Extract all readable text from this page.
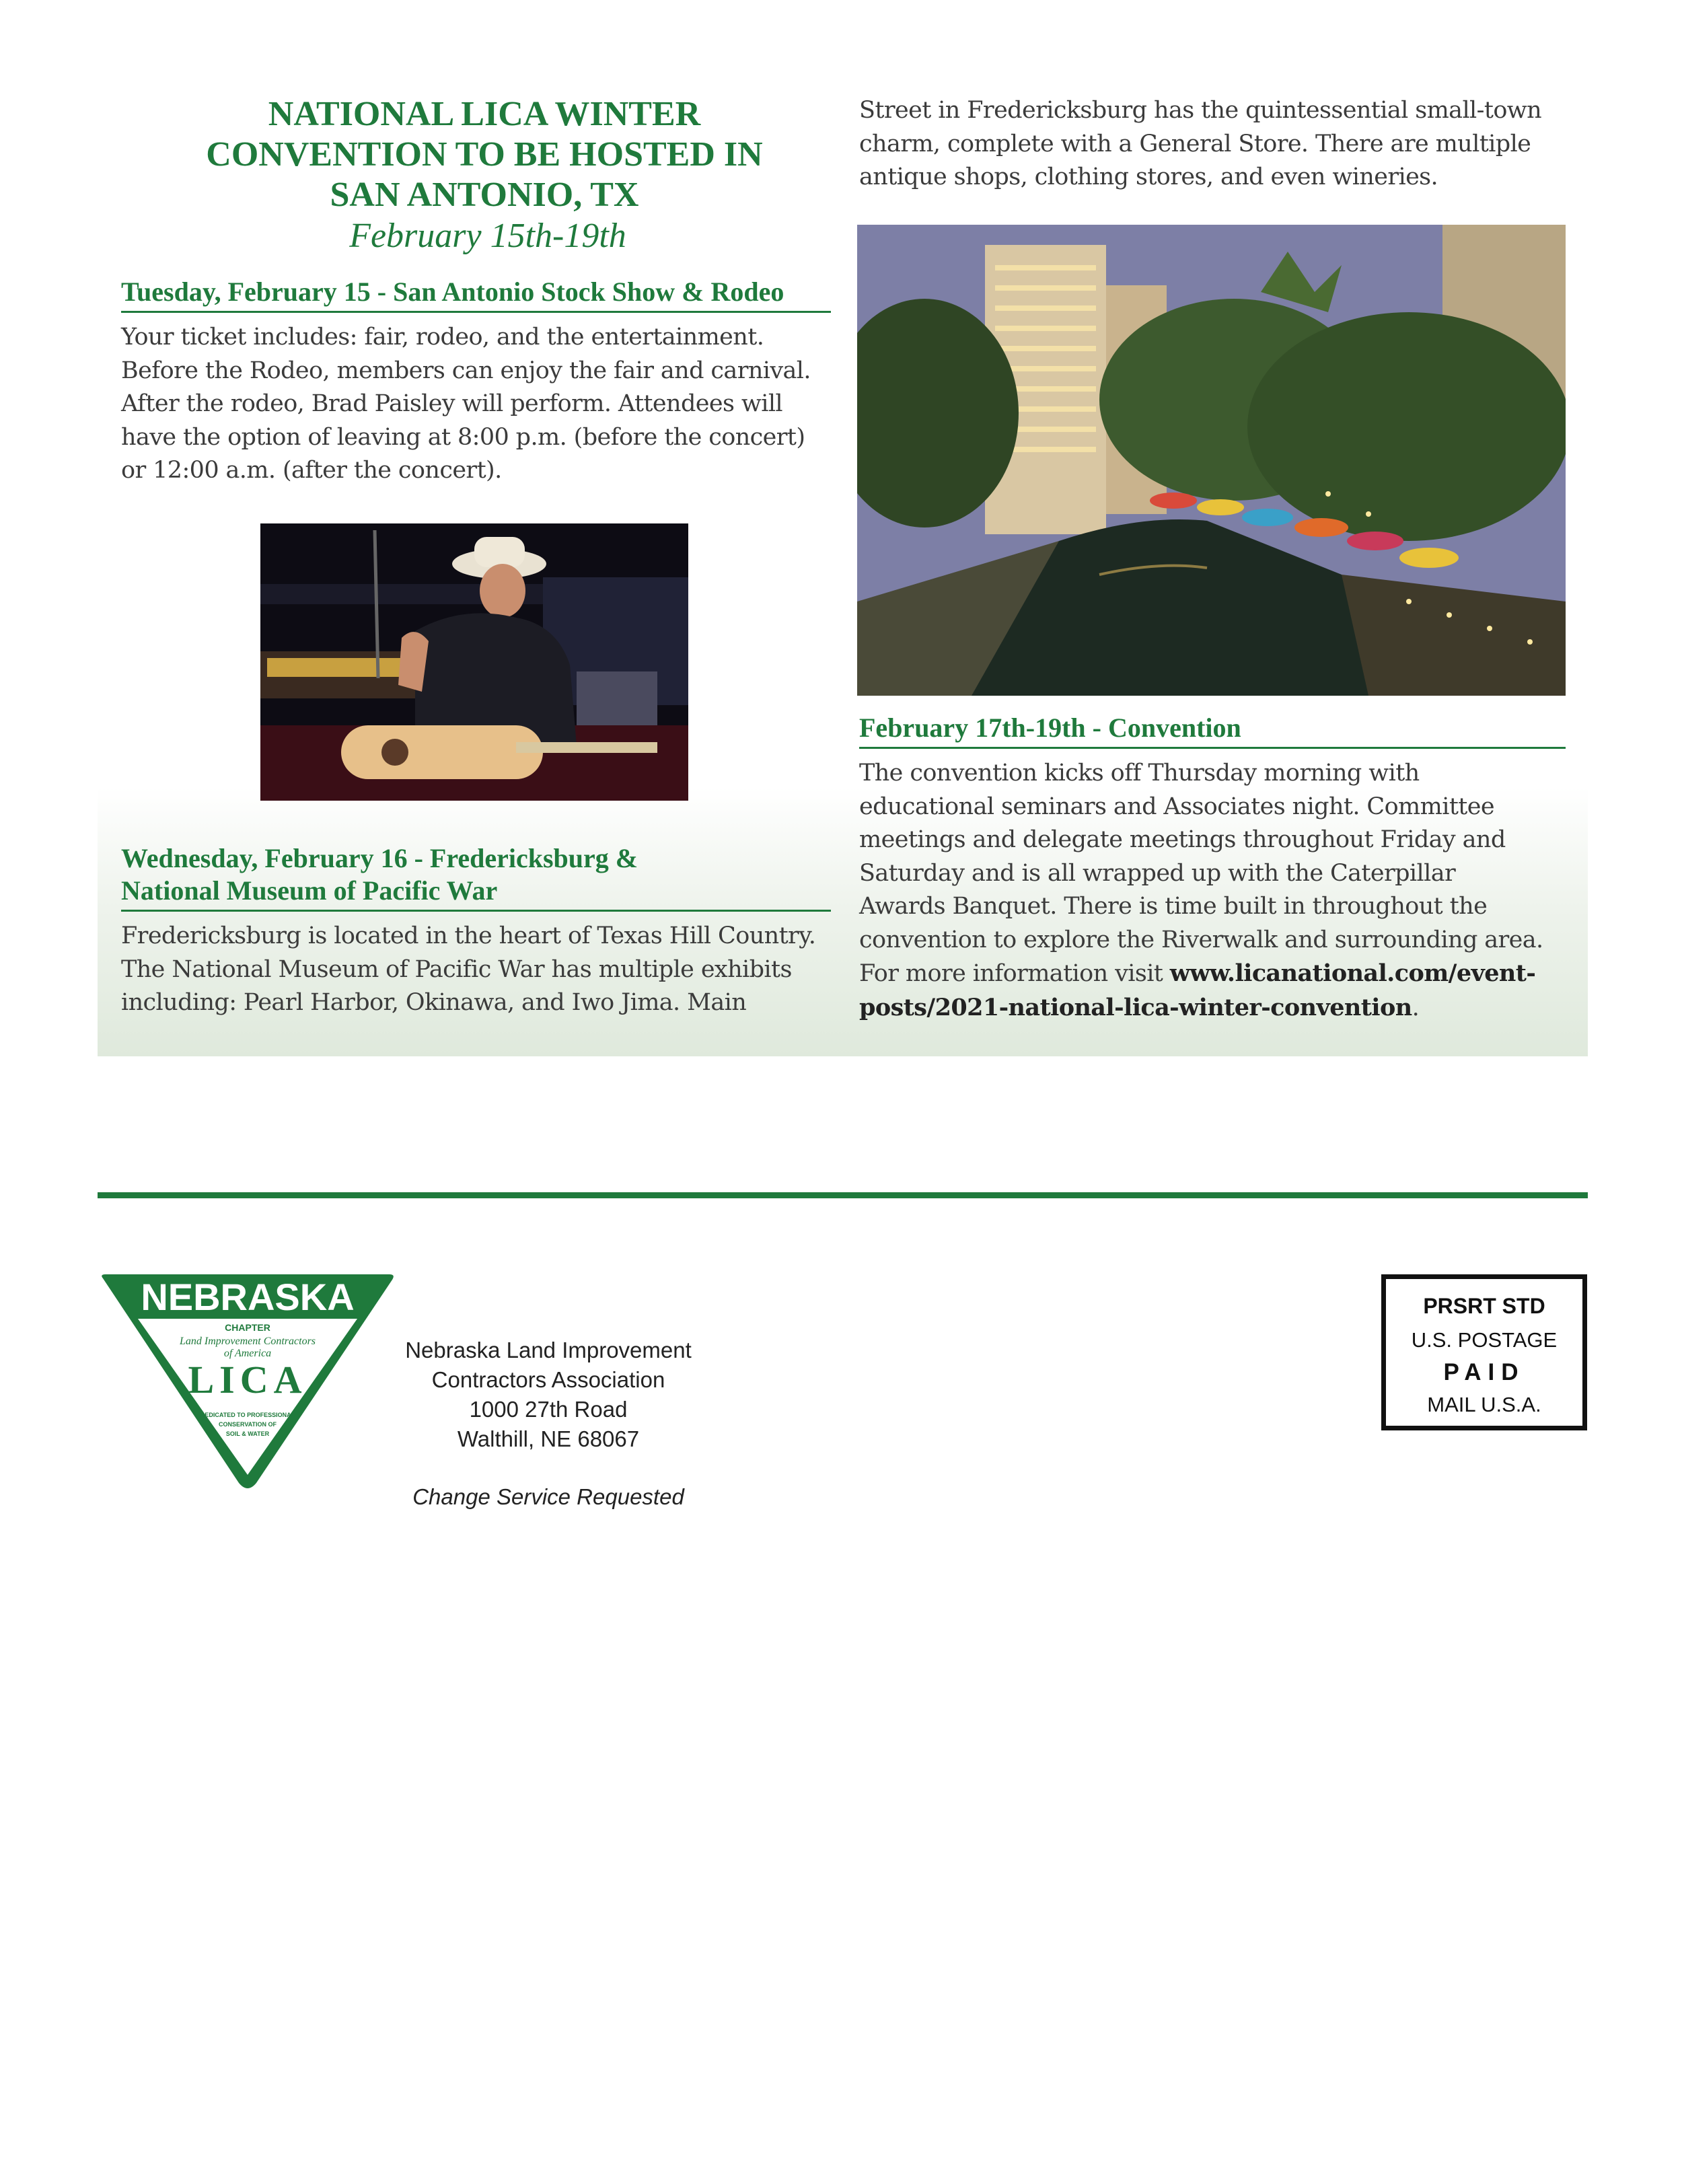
NATIONAL LICA WINTER
CONVENTION TO BE HOSTED IN
SAN ANTONIO, TX
February 15th-19th
Tuesday, February 15 - San Antonio Stock Show & Rodeo
Your ticket includes: fair, rodeo, and the entertainment.
Before the Rodeo, members can enjoy the fair and carnival.
After the rodeo, Brad Paisley will perform. Attendees will
have the option of leaving at 8:00 p.m. (before the concert)
or 12:00 a.m. (after the concert).
Wednesday, February 16 - Fredericksburg &
National Museum of Pacific War
Fredericksburg is located in the heart of Texas Hill Country.
The National Museum of Pacific War has multiple exhibits
including: Pearl Harbor, Okinawa, and Iwo Jima. Main
Street in Fredericksburg has the quintessential small-town
charm, complete with a General Store. There are multiple
antique shops, clothing stores, and even wineries.
February 17th-19th - Convention
The convention kicks off Thursday morning with
educational seminars and Associates night. Committee
meetings and delegate meetings throughout Friday and
Saturday and is all wrapped up with the Caterpillar
Awards Banquet. There is time built in throughout the
convention to explore the Riverwalk and surrounding area.
For more information visit www.licanational.com/event-
posts/2021-national-lica-winter-convention.
NEBRASKA
CHAPTER
Land Improvement Contractors
of America
LICA
DEDICATED TO PROFESSIONAL
CONSERVATION OF
SOIL & WATER
Nebraska Land Improvement
Contractors Association
1000 27th Road
Walthill, NE 68067
Change Service Requested
PRSRT STD
U.S. POSTAGE
PAID
MAIL U.S.A.
